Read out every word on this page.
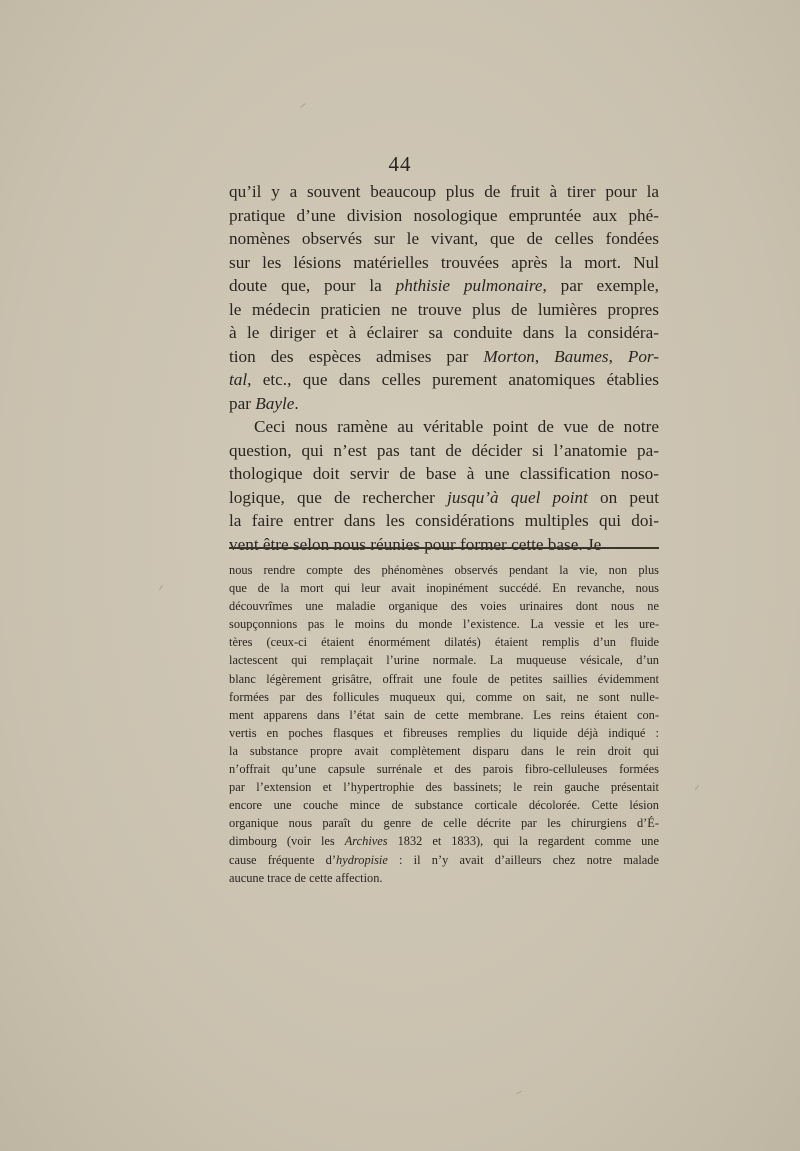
44

qu’il y a souvent beaucoup plus de fruit à tirer pour la

pratique d’une division nosologique empruntée aux phé-

nomènes observés sur le vivant, que de celles fondées

sur les lésions matérielles trouvées après la mort. Nul

doute que, pour la phthisie pulmonaire, par exemple,

le médecin praticien ne trouve plus de lumières propres

à le diriger et à éclairer sa conduite dans la considéra-

tion des espèces admises par Morton, Baumes, Por-

tal, etc., que dans celles purement anatomiques établies

par Bayle.

Ceci nous ramène au véritable point de vue de notre

question, qui n’est pas tant de décider si l’anatomie pa-

thologique doit servir de base à une classification noso-

logique, que de rechercher jusqu’à quel point on peut

la faire entrer dans les considérations multiples qui doi-

vent être selon nous réunies pour former cette base. Je

nous rendre compte des phénomènes observés pendant la vie, non plus

que de la mort qui leur avait inopinément succédé. En revanche, nous

découvrîmes une maladie organique des voies urinaires dont nous ne

soupçonnions pas le moins du monde l’existence. La vessie et les ure-

tères (ceux-ci étaient énormément dilatés) étaient remplis d’un fluide

lactescent qui remplaçait l’urine normale. La muqueuse vésicale, d’un

blanc légèrement grisâtre, offrait une foule de petites saillies évidemment

formées par des follicules muqueux qui, comme on sait, ne sont nulle-

ment apparens dans l’état sain de cette membrane. Les reins étaient con-

vertis en poches flasques et fibreuses remplies du liquide déjà indiqué :

la substance propre avait complètement disparu dans le rein droit qui

n’offrait qu’une capsule surrénale et des parois fibro-celluleuses formées

par l’extension et l’hypertrophie des bassinets; le rein gauche présentait

encore une couche mince de substance corticale décolorée. Cette lésion

organique nous paraît du genre de celle décrite par les chirurgiens d’É-

dimbourg (voir les Archives 1832 et 1833), qui la regardent comme une

cause fréquente d’hydropisie : il n’y avait d’ailleurs chez notre malade

aucune trace de cette affection.
